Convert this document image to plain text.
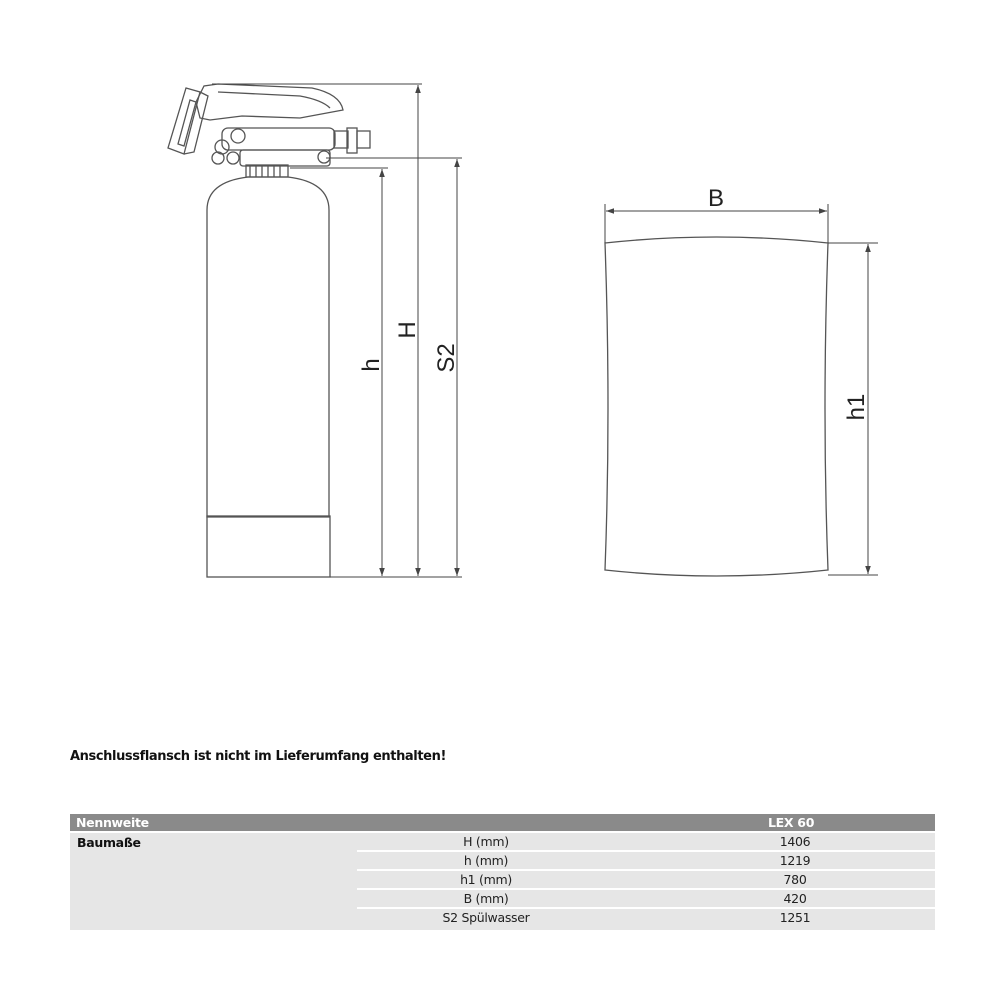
h
H
S2
B
h1
Anschlussflansch ist nicht im Lieferumfang enthalten!
Nennweite	LEX 60
Baumaße	H (mm)	1406
h (mm)	1219
h1 (mm)	780
B (mm)	420
S2 Spülwasser	1251
